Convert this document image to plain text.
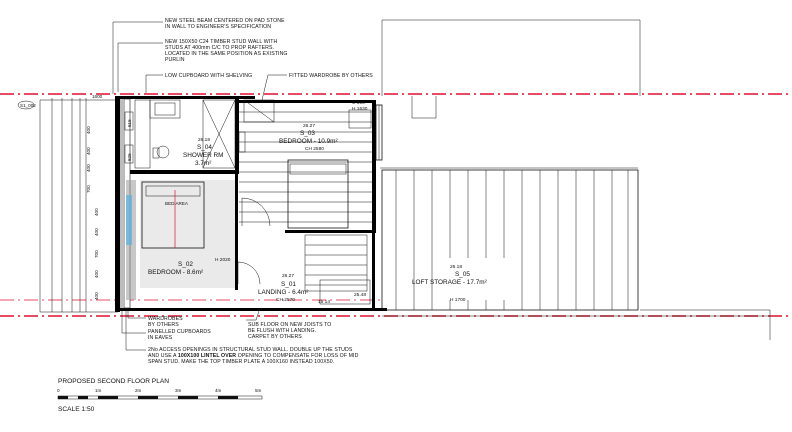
NEW STEEL BEAM CENTERED ON PAD STONE
IN WALL TO ENGINEER'S SPECIFICATION
NEW 150X50 C24 TIMBER STUD WALL WITH
STUDS AT 400mm C/C TO PROP RAFTERS.
LOCATED IN THE SAME POSITION AS EXISTING
PURLIN
LOW CUPBOARD WITH SHELVING	FITTED WARDROBE BY OTHERS
S1_002
400
400
400
700
400
400
700
400
400
1600
615
825
26.18
S_04
SHOWER RM
3.7m²
BED AREA
H 2020
S_02
BEDROOM - 8.6m²
C 800
H 1630
26.27
S_03
BEDROOM - 10.9m²
CH 2580
26.27
S_01
LANDING - 6.4m²
CH 2570	15 14
25.48
26.18
S_05
LOFT STORAGE - 17.7m²
H 1700
WARDROBES
BY OTHERS
PANELLED CUPBOARDS
IN EAVES
SUB FLOOR ON NEW JOISTS TO
BE FLUSH WITH LANDING.
CARPET BY OTHERS
2No ACCESS OPENINGS IN STRUCTURAL STUD WALL. DOUBLE UP THE STUDS
AND USE A 100X100 LINTEL OVER OPENING TO COMPENSATE FOR LOSS OF MID
SPAN STUD. MAKE THE TOP TIMBER PLATE A 100X160 INSTEAD 100X50.
PROPOSED SECOND FLOOR PLAN
0	1m	2m	3m	4m	5m
SCALE 1:50
